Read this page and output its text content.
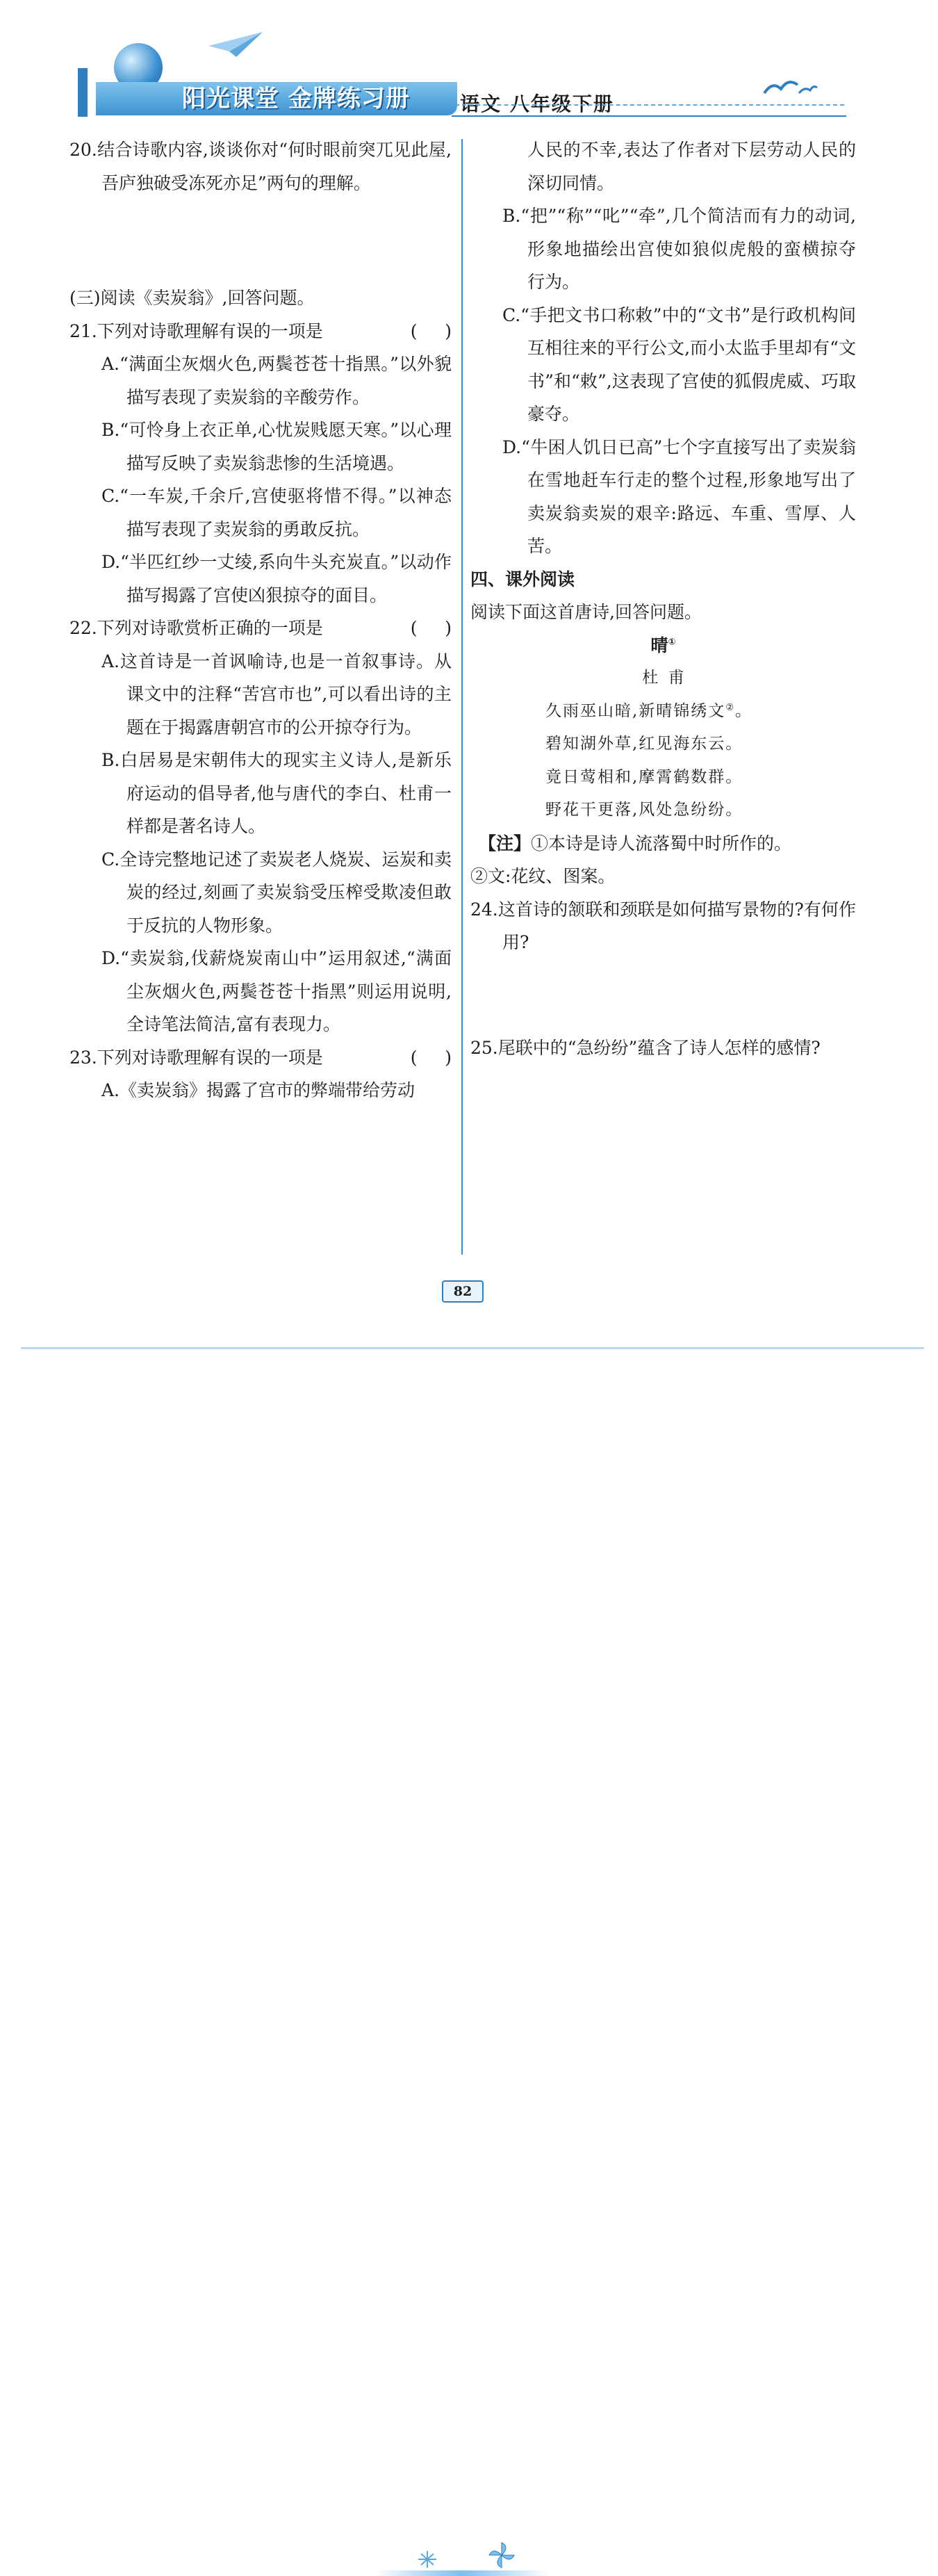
阳光课堂 金牌练习册	语文 八年级下册
20.结合诗歌内容,谈谈你对“何时眼前突兀见此屋,吾庐独破受冻死亦足”两句的理解。
(三)阅读《卖炭翁》,回答问题。
21.下列对诗歌理解有误的一项是	(     )
A.“满面尘灰烟火色,两鬓苍苍十指黑。”以外貌描写表现了卖炭翁的辛酸劳作。
B.“可怜身上衣正单,心忧炭贱愿天寒。”以心理描写反映了卖炭翁悲惨的生活境遇。
C.“一车炭,千余斤,宫使驱将惜不得。”以神态描写表现了卖炭翁的勇敢反抗。
D.“半匹红纱一丈绫,系向牛头充炭直。”以动作描写揭露了宫使凶狠掠夺的面目。
22.下列对诗歌赏析正确的一项是	(     )
A.这首诗是一首讽喻诗,也是一首叙事诗。从课文中的注释“苦宫市也”,可以看出诗的主题在于揭露唐朝宫市的公开掠夺行为。
B.白居易是宋朝伟大的现实主义诗人,是新乐府运动的倡导者,他与唐代的李白、杜甫一样都是著名诗人。
C.全诗完整地记述了卖炭老人烧炭、运炭和卖炭的经过,刻画了卖炭翁受压榨受欺凌但敢于反抗的人物形象。
D.“卖炭翁,伐薪烧炭南山中”运用叙述,“满面尘灰烟火色,两鬓苍苍十指黑”则运用说明,全诗笔法简洁,富有表现力。
23.下列对诗歌理解有误的一项是	(     )
A.《卖炭翁》揭露了宫市的弊端带给劳动
人民的不幸,表达了作者对下层劳动人民的深切同情。
B.“把”“称”“叱”“牵”,几个简洁而有力的动词,形象地描绘出宫使如狼似虎般的蛮横掠夺行为。
C.“手把文书口称敕”中的“文书”是行政机构间互相往来的平行公文,而小太监手里却有“文书”和“敕”,这表现了宫使的狐假虎威、巧取豪夺。
D.“牛困人饥日已高”七个字直接写出了卖炭翁在雪地赶车行走的整个过程,形象地写出了卖炭翁卖炭的艰辛:路远、车重、雪厚、人苦。
四、课外阅读
阅读下面这首唐诗,回答问题。
晴①
杜  甫
久雨巫山暗,新晴锦绣文②。
碧知湖外草,红见海东云。
竟日莺相和,摩霄鹤数群。
野花干更落,风处急纷纷。
【注】①本诗是诗人流落蜀中时所作的。
②文:花纹、图案。
24.这首诗的颔联和颈联是如何描写景物的?有何作用?
25.尾联中的“急纷纷”蕴含了诗人怎样的感情?
82
